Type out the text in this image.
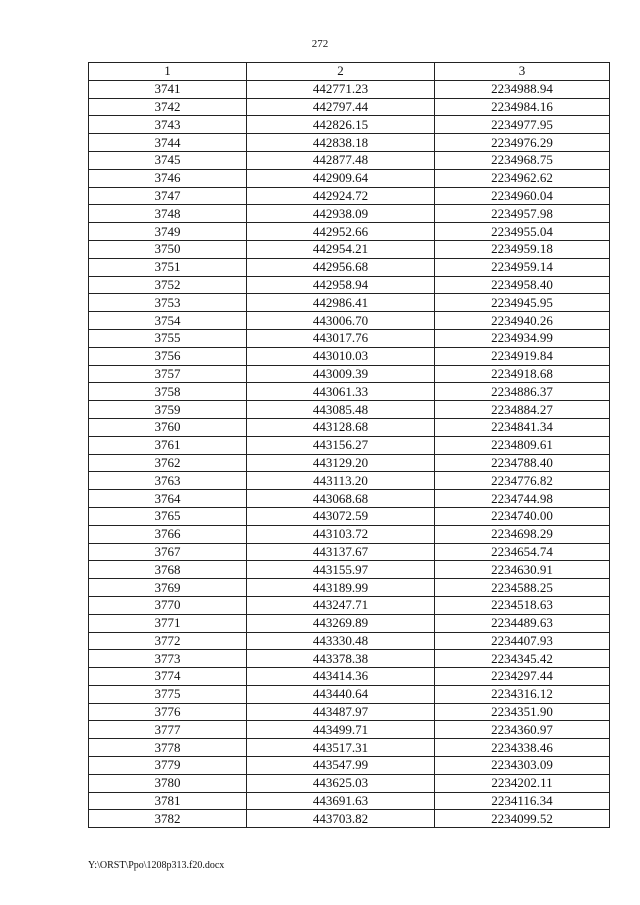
272
1	2	3
3741	442771.23	2234988.94
3742	442797.44	2234984.16
3743	442826.15	2234977.95
3744	442838.18	2234976.29
3745	442877.48	2234968.75
3746	442909.64	2234962.62
3747	442924.72	2234960.04
3748	442938.09	2234957.98
3749	442952.66	2234955.04
3750	442954.21	2234959.18
3751	442956.68	2234959.14
3752	442958.94	2234958.40
3753	442986.41	2234945.95
3754	443006.70	2234940.26
3755	443017.76	2234934.99
3756	443010.03	2234919.84
3757	443009.39	2234918.68
3758	443061.33	2234886.37
3759	443085.48	2234884.27
3760	443128.68	2234841.34
3761	443156.27	2234809.61
3762	443129.20	2234788.40
3763	443113.20	2234776.82
3764	443068.68	2234744.98
3765	443072.59	2234740.00
3766	443103.72	2234698.29
3767	443137.67	2234654.74
3768	443155.97	2234630.91
3769	443189.99	2234588.25
3770	443247.71	2234518.63
3771	443269.89	2234489.63
3772	443330.48	2234407.93
3773	443378.38	2234345.42
3774	443414.36	2234297.44
3775	443440.64	2234316.12
3776	443487.97	2234351.90
3777	443499.71	2234360.97
3778	443517.31	2234338.46
3779	443547.99	2234303.09
3780	443625.03	2234202.11
3781	443691.63	2234116.34
3782	443703.82	2234099.52
Y:\ORST\Ppo\1208p313.f20.docx
